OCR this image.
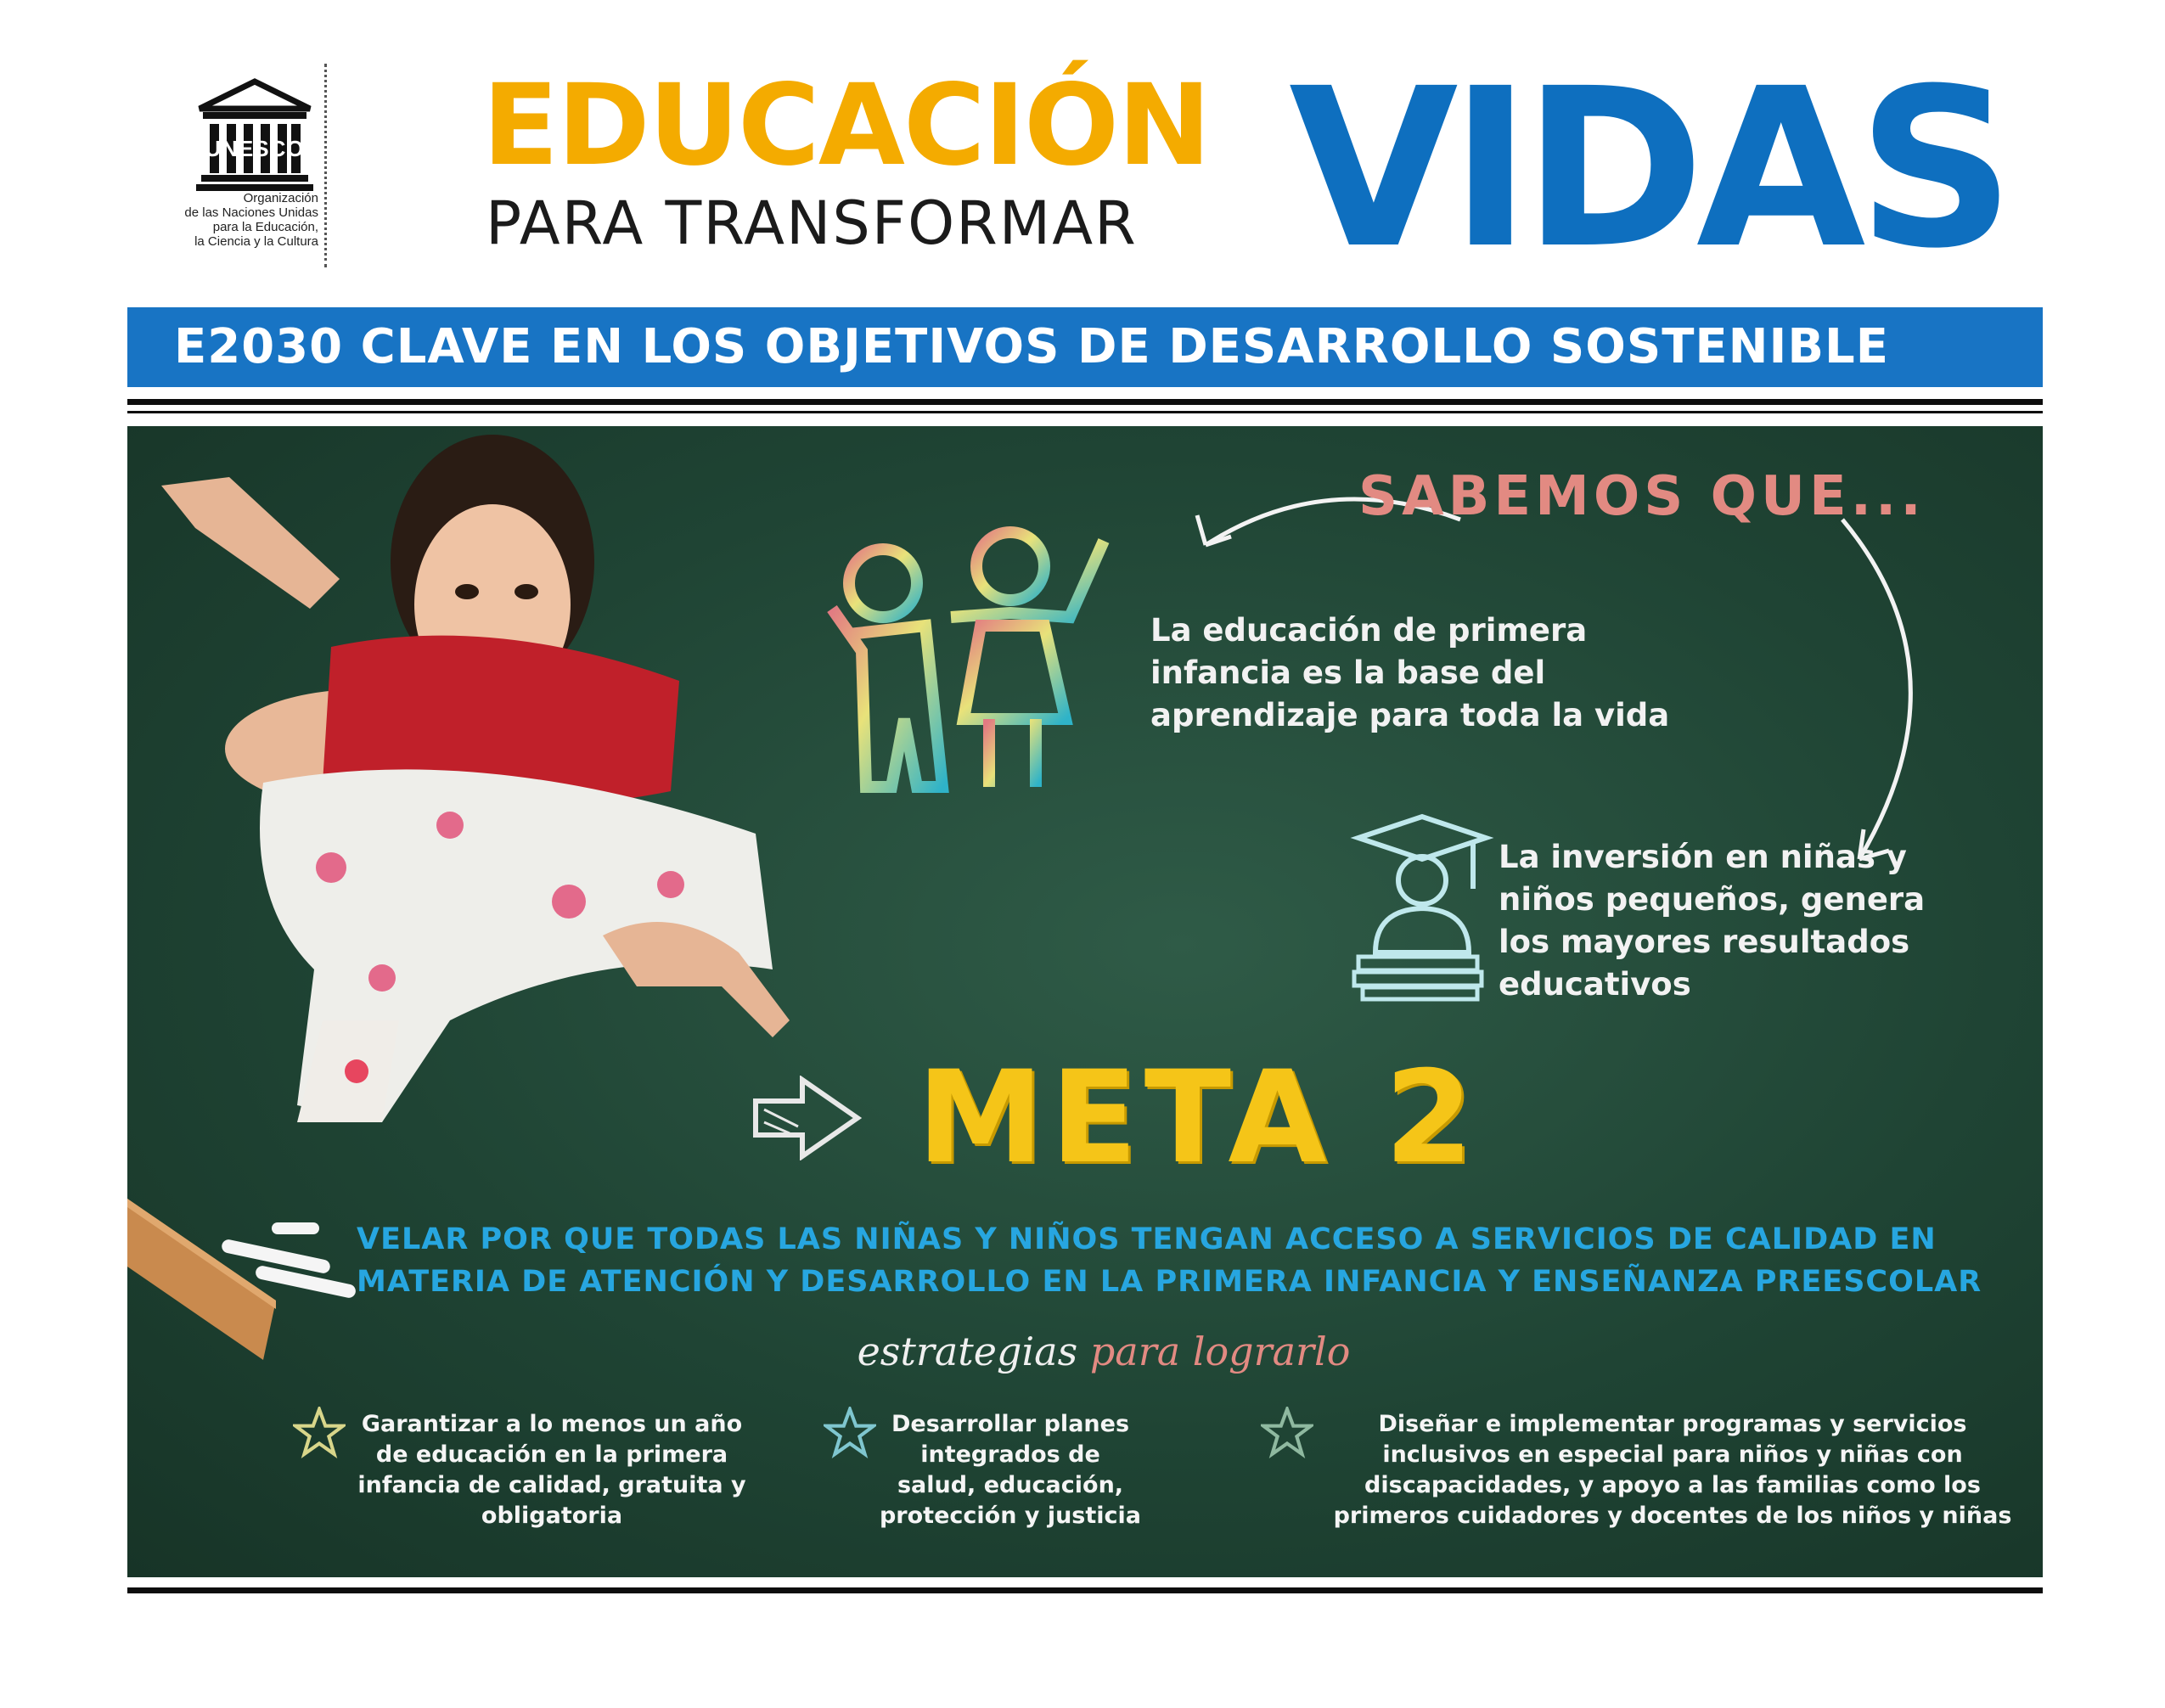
UNESCO
Organización
de las Naciones Unidas
para la Educación,
la Ciencia y la Cultura
EDUCACIÓN
PARA TRANSFORMAR VIDAS
E2030 CLAVE EN LOS OBJETIVOS DE DESARROLLO SOSTENIBLE
SABEMOS QUE...
La educación de primera
infancia es la base del
aprendizaje para toda la vida
La inversión en niñas y
niños pequeños, genera
los mayores resultados
educativos
META 2
VELAR POR QUE TODAS LAS NIÑAS Y NIÑOS TENGAN ACCESO A SERVICIOS DE CALIDAD EN
MATERIA DE ATENCIÓN Y DESARROLLO EN LA PRIMERA INFANCIA Y ENSEÑANZA PREESCOLAR
estrategias para lograrlo
Garantizar a lo menos un año
de educación en la primera
infancia de calidad, gratuita y
obligatoria
Desarrollar planes
integrados de
salud, educación,
protección y justicia
Diseñar e implementar programas y servicios
inclusivos en especial para niños y niñas con
discapacidades, y apoyo a las familias como los
primeros cuidadores y docentes de los niños y niñas
